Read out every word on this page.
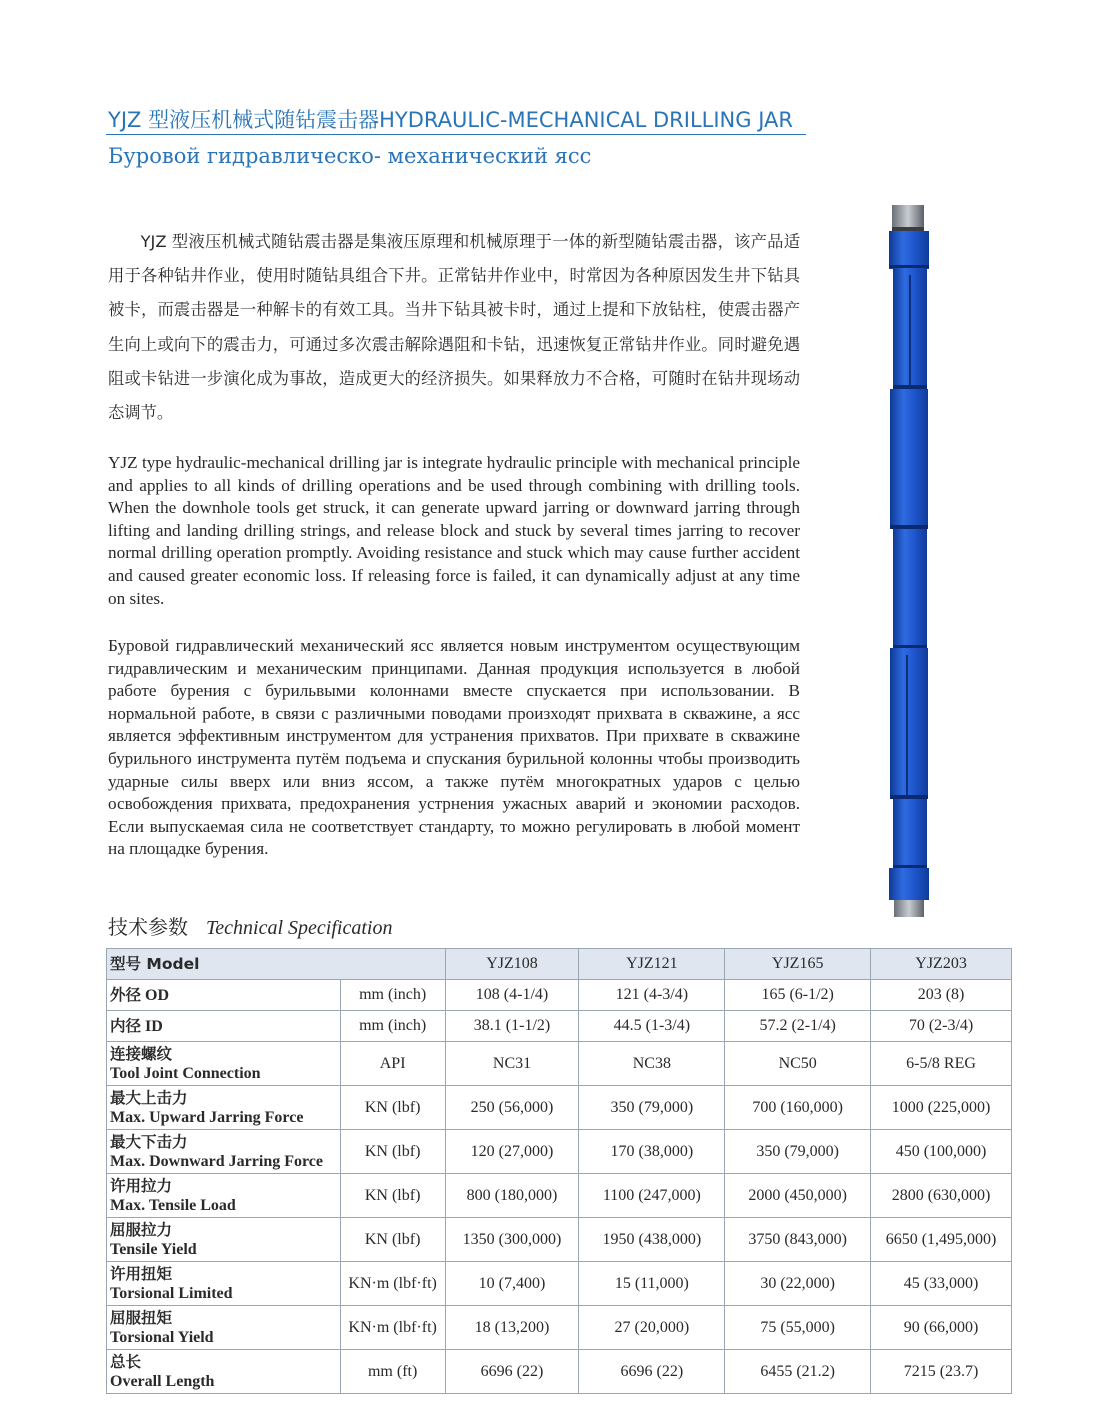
YJZ 型液压机械式随钻震击器HYDRAULIC-MECHANICAL DRILLING JAR
Буровой гидравлическо- механический ясс

YJZ 型液压机械式随钻震击器是集液压原理和机械原理于一体的新型随钻震击器，该产品适用于各种钻井作业，使用时随钻具组合下井。正常钻井作业中，时常因为各种原因发生井下钻具被卡，而震击器是一种解卡的有效工具。当井下钻具被卡时，通过上提和下放钻柱，使震击器产生向上或向下的震击力，可通过多次震击解除遇阻和卡钻，迅速恢复正常钻井作业。同时避免遇阻或卡钻进一步演化成为事故，造成更大的经济损失。如果释放力不合格，可随时在钻井现场动态调节。

YJZ type hydraulic-mechanical drilling jar is integrate hydraulic principle with mechanical principle and applies to all kinds of drilling operations and be used through combining with drilling tools. When the downhole tools get struck, it can generate upward jarring or downward jarring through lifting and landing drilling strings, and release block and stuck by several times jarring to recover normal drilling operation promptly. Avoiding resistance and stuck which may cause further accident and caused greater economic loss. If releasing force is failed, it can dynamically adjust at any time on sites.

Буровой гидравлический механический ясс является новым инструментом осуществующим гидравлическим и механическим принципами. Данная продукция используется в любой работе бурения с бурильвыми колоннами вместе спускается при использовании. В нормальной работе, в связи с различными поводами произходят прихвата в скважине, а ясс является эффективным инструментом для устранения прихватов. При прихвате в скважине бурильного инструмента путём подъема и спускания бурильной колонны чтобы производить ударные силы вверх или вниз яссом, а также путём многократных ударов с целью освобождения прихвата, предохранения устрнения ужасных аварий и экономии расходов. Если выпускаемая сила не соответствует стандарту, то можно регулировать в любой момент на площадке бурения.

技术参数 Technical Specification
型号 Model		YJZ108	YJZ121	YJZ165	YJZ203
外径 OD	mm (inch)	108 (4-1/4)	121 (4-3/4)	165 (6-1/2)	203 (8)
内径 ID	mm (inch)	38.1 (1-1/2)	44.5 (1-3/4)	57.2 (2-1/4)	70 (2-3/4)
连接螺纹
Tool Joint Connection	API	NC31	NC38	NC50	6-5/8 REG
最大上击力
Max. Upward Jarring Force	KN (lbf)	250 (56,000)	350 (79,000)	700 (160,000)	1000 (225,000)
最大下击力
Max. Downward Jarring Force	KN (lbf)	120 (27,000)	170 (38,000)	350 (79,000)	450 (100,000)
许用拉力
Max. Tensile Load	KN (lbf)	800 (180,000)	1100 (247,000)	2000 (450,000)	2800 (630,000)
屈服拉力
Tensile Yield	KN (lbf)	1350 (300,000)	1950 (438,000)	3750 (843,000)	6650 (1,495,000)
许用扭矩
Torsional Limited	KN·m (lbf·ft)	10 (7,400)	15 (11,000)	30 (22,000)	45 (33,000)
屈服扭矩
Torsional Yield	KN·m (lbf·ft)	18 (13,200)	27 (20,000)	75 (55,000)	90 (66,000)
总长
Overall Length	mm (ft)	6696 (22)	6696 (22)	6455 (21.2)	7215 (23.7)
